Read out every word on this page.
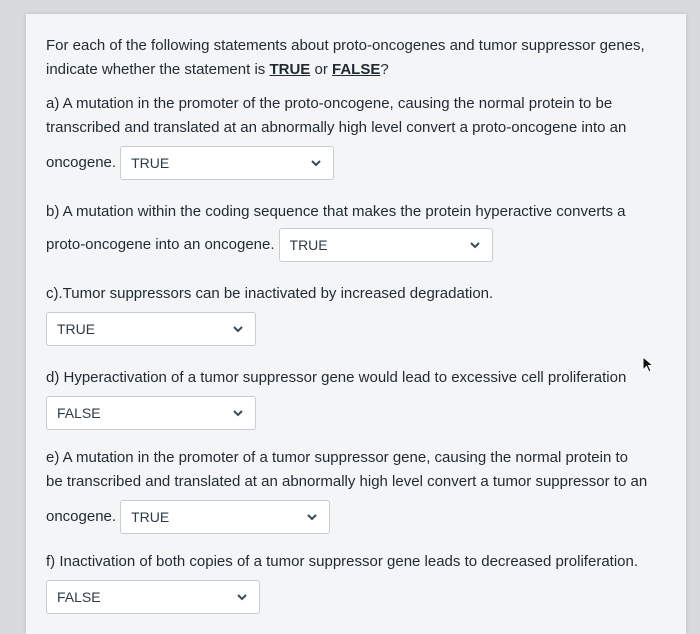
For each of the following statements about proto-oncogenes and tumor suppressor genes,
indicate whether the statement is TRUE or FALSE?
a) A mutation in the promoter of the proto-oncogene, causing the normal protein to be
transcribed and translated at an abnormally high level convert a proto-oncogene into an
oncogene. TRUE
b) A mutation within the coding sequence that makes the protein hyperactive converts a
proto-oncogene into an oncogene. TRUE
c).Tumor suppressors can be inactivated by increased degradation.
TRUE
d) Hyperactivation of a tumor suppressor gene would lead to excessive cell proliferation
FALSE
e) A mutation in the promoter of a tumor suppressor gene, causing the normal protein to
be transcribed and translated at an abnormally high level convert a tumor suppressor to an
oncogene. TRUE
f) Inactivation of both copies of a tumor suppressor gene leads to decreased proliferation.
FALSE
